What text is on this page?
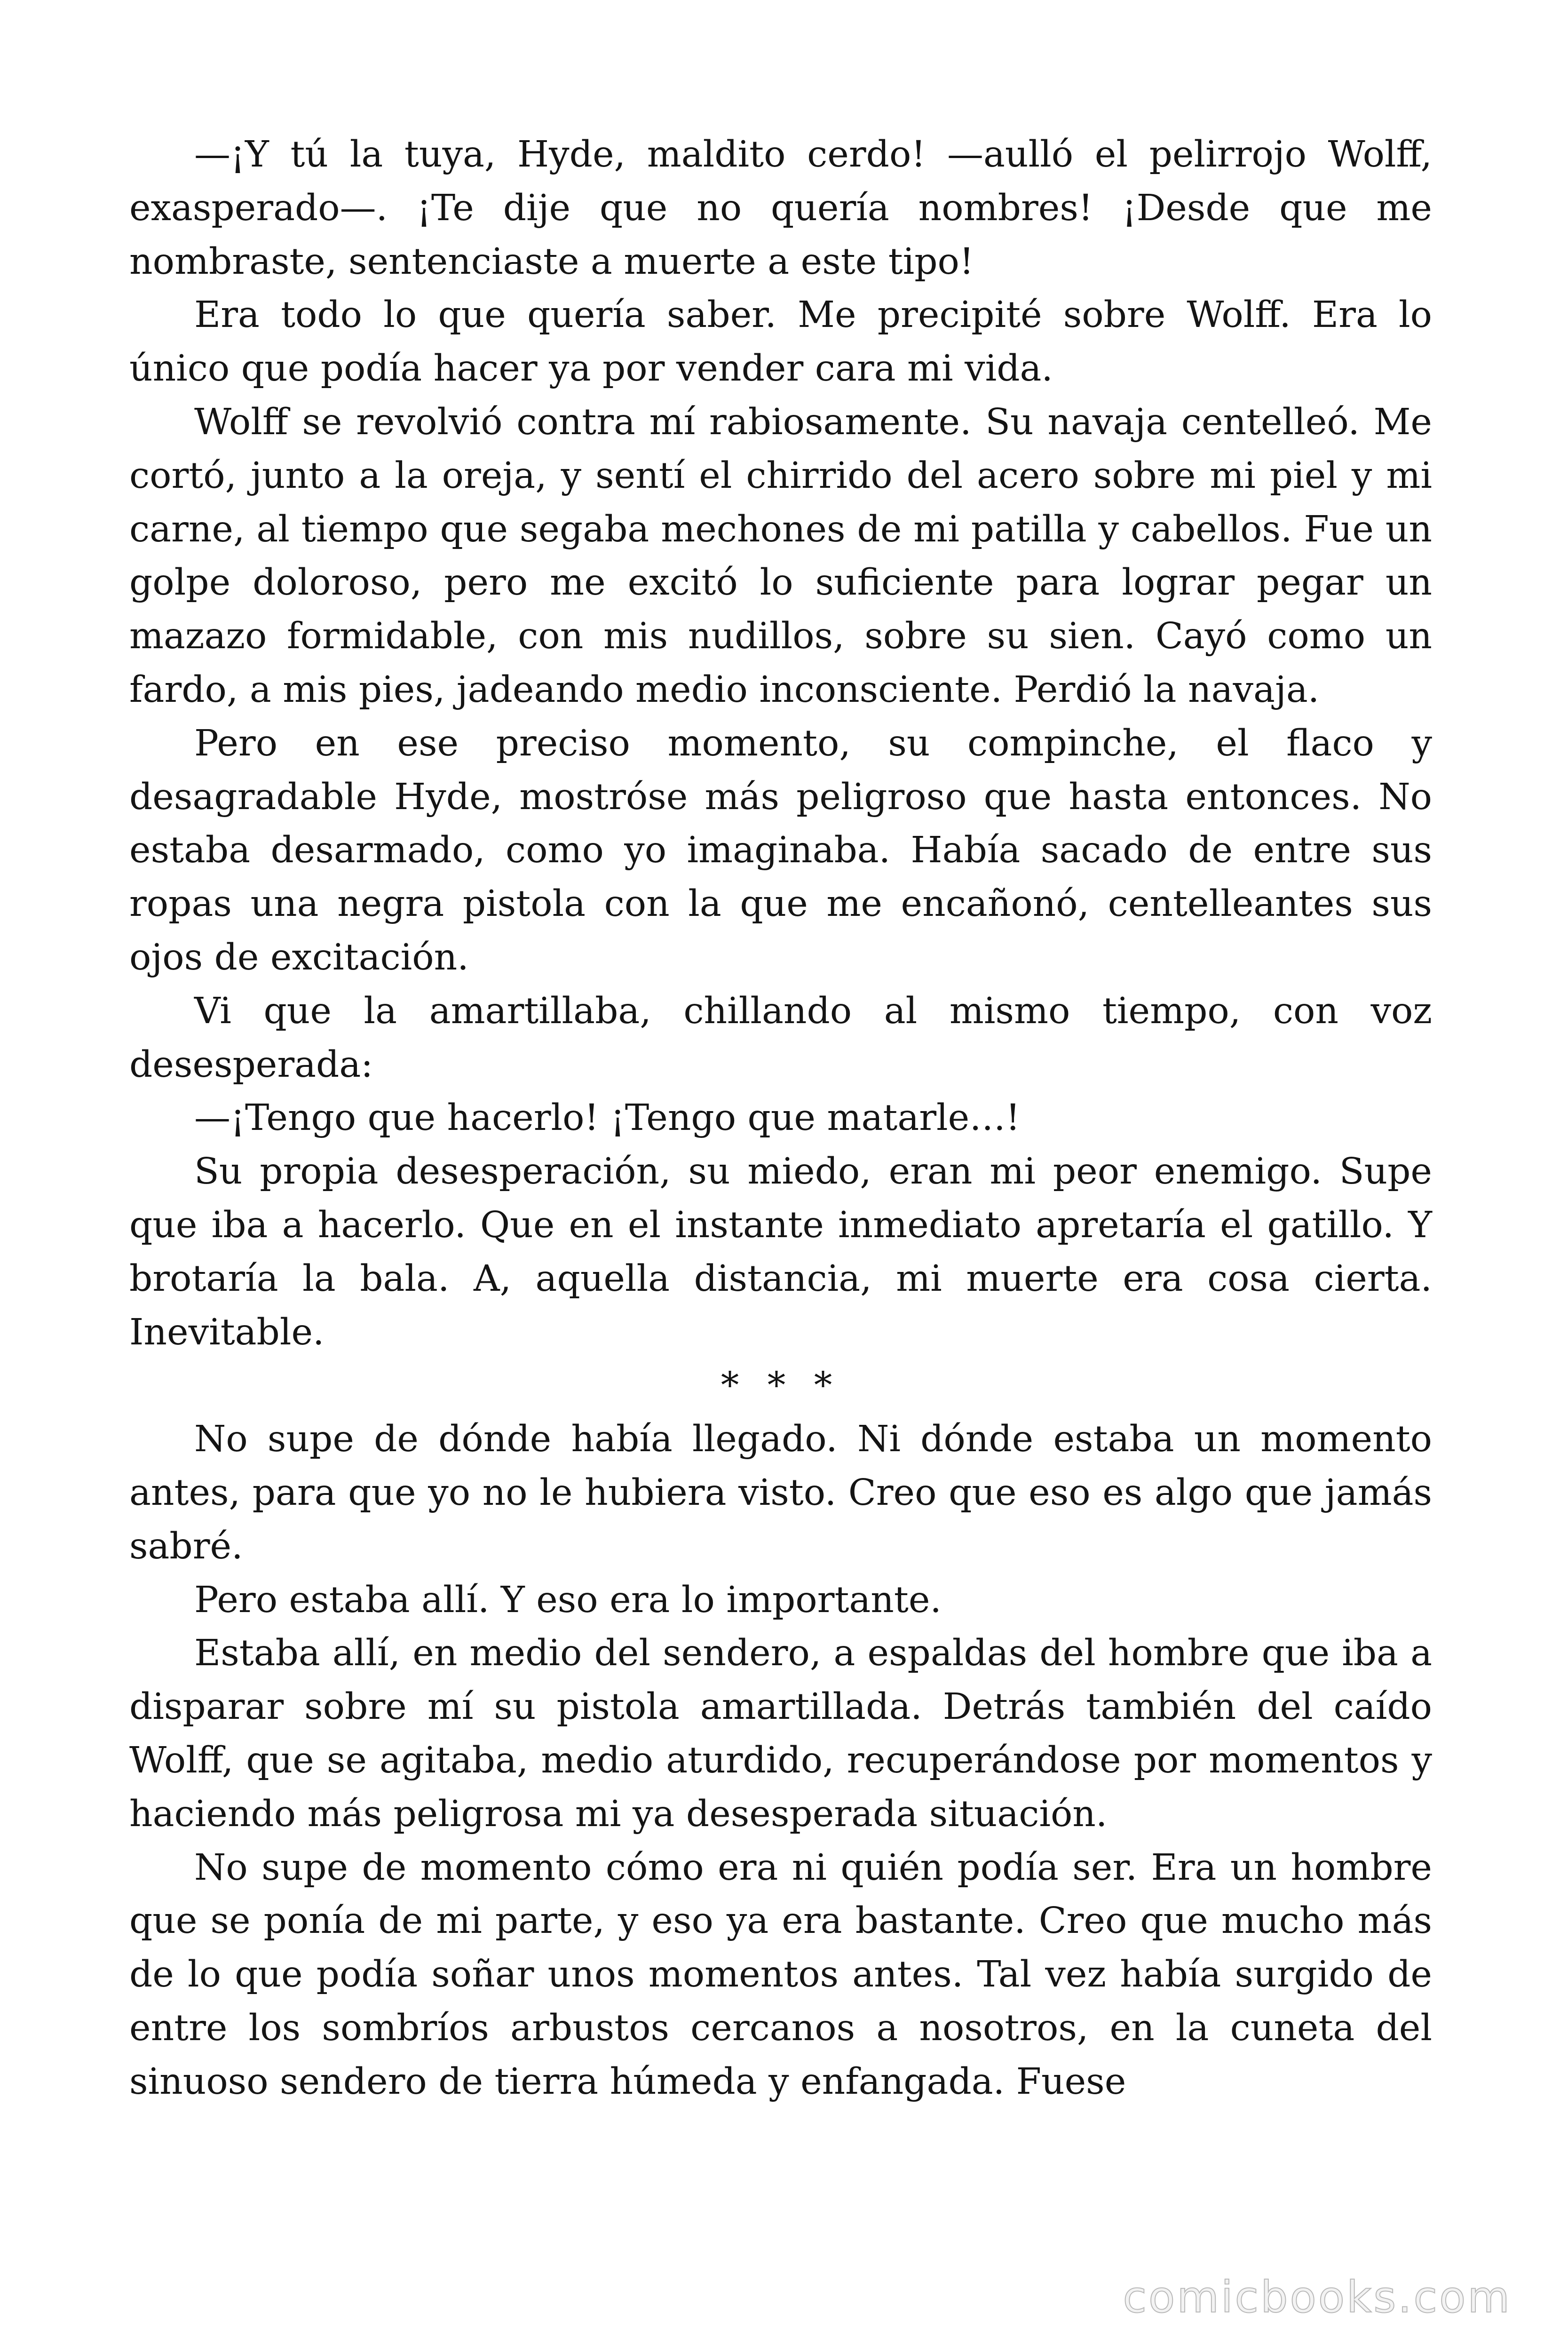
—¡Y tú la tuya, Hyde, maldito cerdo! —aulló el pelirrojo Wolff, exasperado—. ¡Te dije que no quería nombres! ¡Desde que me nombraste, sentenciaste a muerte a este tipo!

Era todo lo que quería saber. Me precipité sobre Wolff. Era lo único que podía hacer ya por vender cara mi vida.

Wolff se revolvió contra mí rabiosamente. Su navaja centelleó. Me cortó, junto a la oreja, y sentí el chirrido del acero sobre mi piel y mi carne, al tiempo que segaba mechones de mi patilla y cabellos. Fue un golpe doloroso, pero me excitó lo suficiente para lograr pegar un mazazo formidable, con mis nudillos, sobre su sien. Cayó como un fardo, a mis pies, jadeando medio inconsciente. Perdió la navaja.

Pero en ese preciso momento, su compinche, el flaco y desagradable Hyde, mostróse más peligroso que hasta entonces. No estaba desarmado, como yo imaginaba. Había sacado de entre sus ropas una negra pistola con la que me encañonó, centelleantes sus ojos de excitación.

Vi que la amartillaba, chillando al mismo tiempo, con voz desesperada:

—¡Tengo que hacerlo! ¡Tengo que matarle…!

Su propia desesperación, su miedo, eran mi peor enemigo. Supe que iba a hacerlo. Que en el instante inmediato apretaría el gatillo. Y brotaría la bala. A, aquella distancia, mi muerte era cosa cierta. Inevitable.

* * *

No supe de dónde había llegado. Ni dónde estaba un momento antes, para que yo no le hubiera visto. Creo que eso es algo que jamás sabré.

Pero estaba allí. Y eso era lo importante.

Estaba allí, en medio del sendero, a espaldas del hombre que iba a disparar sobre mí su pistola amartillada. Detrás también del caído Wolff, que se agitaba, medio aturdido, recuperándose por momentos y haciendo más peligrosa mi ya desesperada situación.

No supe de momento cómo era ni quién podía ser. Era un hombre que se ponía de mi parte, y eso ya era bastante. Creo que mucho más de lo que podía soñar unos momentos antes. Tal vez había surgido de entre los sombríos arbustos cercanos a nosotros, en la cuneta del sinuoso sendero de tierra húmeda y enfangada. Fuese

comicbooks.com
